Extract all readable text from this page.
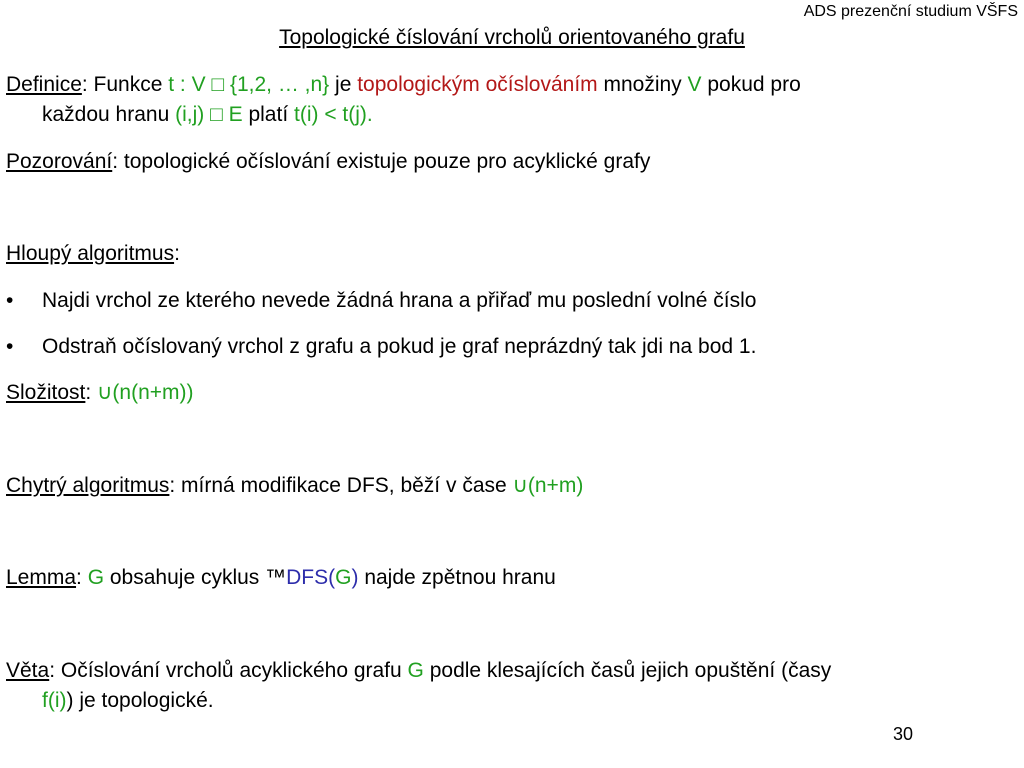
ADS prezenční studium VŠFS
Topologické číslování vrcholů orientovaného grafu
Definice: Funkce t : V □ {1,2, … ,n} je topologickým očíslováním množiny V pokud pro
každou hranu (i,j) □ E platí t(i) < t(j).
Pozorování: topologické očíslování existuje pouze pro acyklické grafy
Hloupý algoritmus:
•	Najdi vrchol ze kterého nevede žádná hrana a přiřaď mu poslední volné číslo
•	Odstraň očíslovaný vrchol z grafu a pokud je graf neprázdný tak jdi na bod 1.
Složitost: ∪(n(n+m))
Chytrý algoritmus: mírná modifikace DFS, běží v čase ∪(n+m)
Lemma: G obsahuje cyklus ™DFS(G) najde zpětnou hranu
Věta: Očíslování vrcholů acyklického grafu G podle klesajících časů jejich opuštění (časy
f(i)) je topologické.
30
